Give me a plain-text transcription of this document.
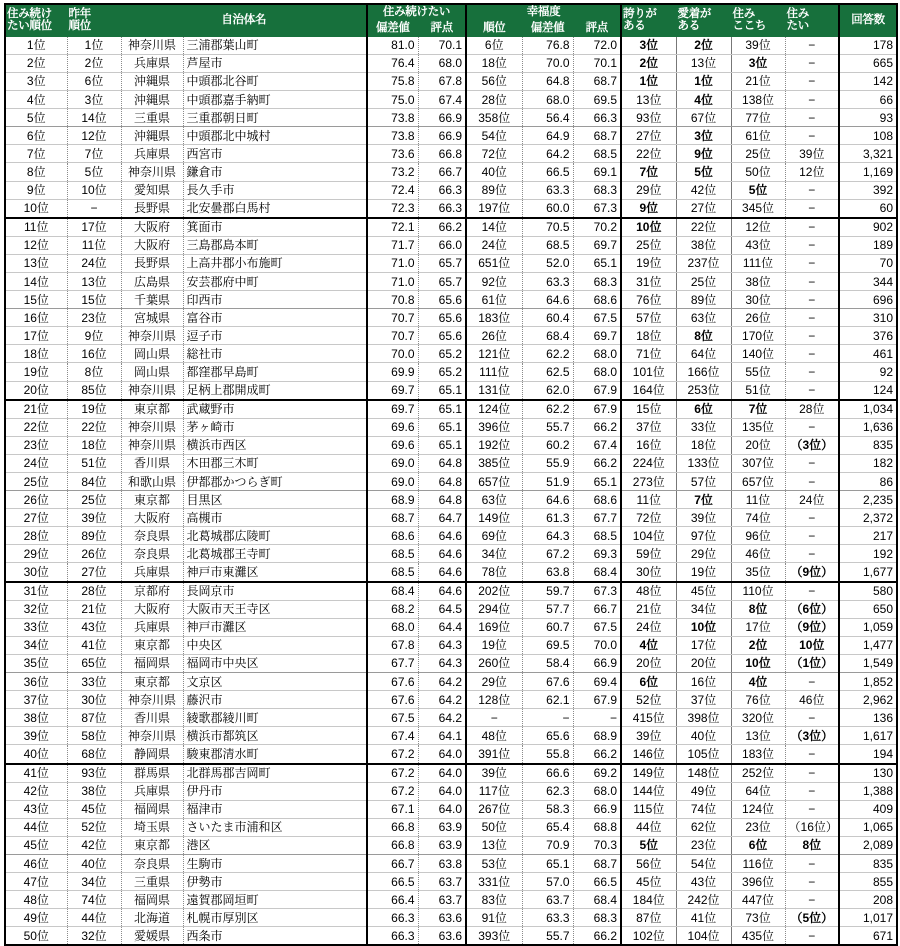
住み続け
たい順位	昨年
順位	自治体名		住み続けたい		幸福度			誇りが
ある	愛着が
ある	住み
ここち	住み
たい	回答数
				偏差値	評点	順位	偏差値	評点					
1位	1位	神奈川県	三浦郡葉山町	81.0	70.1	6位	76.8	72.0	3位	2位	39位	−	178
2位	2位	兵庫県	芦屋市	76.4	68.0	18位	70.0	70.1	2位	13位	3位	−	665
3位	6位	沖縄県	中頭郡北谷町	75.8	67.8	56位	64.8	68.7	1位	1位	21位	−	142
4位	3位	沖縄県	中頭郡嘉手納町	75.0	67.4	28位	68.0	69.5	13位	4位	138位	−	66
5位	14位	三重県	三重郡朝日町	73.8	66.9	358位	56.4	66.3	93位	67位	77位	−	93
6位	12位	沖縄県	中頭郡北中城村	73.8	66.9	54位	64.9	68.7	27位	3位	61位	−	108
7位	7位	兵庫県	西宮市	73.6	66.8	72位	64.2	68.5	22位	9位	25位	39位	3,321
8位	5位	神奈川県	鎌倉市	73.2	66.7	40位	66.5	69.1	7位	5位	50位	12位	1,169
9位	10位	愛知県	長久手市	72.4	66.3	89位	63.3	68.3	29位	42位	5位	−	392
10位	−	長野県	北安曇郡白馬村	72.3	66.3	197位	60.0	67.3	9位	27位	345位	−	60
11位	17位	大阪府	箕面市	72.1	66.2	14位	70.5	70.2	10位	22位	12位	−	902
12位	11位	大阪府	三島郡島本町	71.7	66.0	24位	68.5	69.7	25位	38位	43位	−	189
13位	24位	長野県	上高井郡小布施町	71.0	65.7	651位	52.0	65.1	19位	237位	111位	−	70
14位	13位	広島県	安芸郡府中町	71.0	65.7	92位	63.3	68.3	31位	25位	38位	−	344
15位	15位	千葉県	印西市	70.8	65.6	61位	64.6	68.6	76位	89位	30位	−	696
16位	23位	宮城県	富谷市	70.7	65.6	183位	60.4	67.5	57位	63位	26位	−	310
17位	9位	神奈川県	逗子市	70.7	65.6	26位	68.4	69.7	18位	8位	170位	−	376
18位	16位	岡山県	総社市	70.0	65.2	121位	62.2	68.0	71位	64位	140位	−	461
19位	8位	岡山県	都窪郡早島町	69.9	65.2	111位	62.5	68.0	101位	166位	55位	−	92
20位	85位	神奈川県	足柄上郡開成町	69.7	65.1	131位	62.0	67.9	164位	253位	51位	−	124
21位	19位	東京都	武蔵野市	69.7	65.1	124位	62.2	67.9	15位	6位	7位	28位	1,034
22位	22位	神奈川県	茅ヶ崎市	69.6	65.1	396位	55.7	66.2	37位	33位	135位	−	1,636
23位	18位	神奈川県	横浜市西区	69.6	65.1	192位	60.2	67.4	16位	18位	20位	（3位）	835
24位	51位	香川県	木田郡三木町	69.0	64.8	385位	55.9	66.2	224位	133位	307位	−	182
25位	84位	和歌山県	伊都郡かつらぎ町	69.0	64.8	657位	51.9	65.1	273位	57位	657位	−	86
26位	25位	東京都	目黒区	68.9	64.8	63位	64.6	68.6	11位	7位	11位	24位	2,235
27位	39位	大阪府	高槻市	68.7	64.7	149位	61.3	67.7	72位	39位	74位	−	2,372
28位	89位	奈良県	北葛城郡広陵町	68.6	64.6	69位	64.3	68.5	104位	97位	96位	−	217
29位	26位	奈良県	北葛城郡王寺町	68.5	64.6	34位	67.2	69.3	59位	29位	46位	−	192
30位	27位	兵庫県	神戸市東灘区	68.5	64.6	78位	63.8	68.4	30位	19位	35位	（9位）	1,677
31位	28位	京都府	長岡京市	68.4	64.6	202位	59.7	67.3	48位	45位	110位	−	580
32位	21位	大阪府	大阪市天王寺区	68.2	64.5	294位	57.7	66.7	21位	34位	8位	（6位）	650
33位	43位	兵庫県	神戸市灘区	68.0	64.4	169位	60.7	67.5	24位	10位	17位	（9位）	1,059
34位	41位	東京都	中央区	67.8	64.3	19位	69.5	70.0	4位	17位	2位	10位	1,477
35位	65位	福岡県	福岡市中央区	67.7	64.3	260位	58.4	66.9	20位	20位	10位	（1位）	1,549
36位	33位	東京都	文京区	67.6	64.2	29位	67.6	69.4	6位	16位	4位	−	1,852
37位	30位	神奈川県	藤沢市	67.6	64.2	128位	62.1	67.9	52位	37位	76位	46位	2,962
38位	87位	香川県	綾歌郡綾川町	67.5	64.2	−	−	−	415位	398位	320位	−	136
39位	58位	神奈川県	横浜市都筑区	67.4	64.1	48位	65.6	68.9	39位	40位	13位	（3位）	1,617
40位	68位	静岡県	駿東郡清水町	67.2	64.0	391位	55.8	66.2	146位	105位	183位	−	194
41位	93位	群馬県	北群馬郡吉岡町	67.2	64.0	39位	66.6	69.2	149位	148位	252位	−	130
42位	38位	兵庫県	伊丹市	67.2	64.0	117位	62.3	68.0	144位	49位	64位	−	1,388
43位	45位	福岡県	福津市	67.1	64.0	267位	58.3	66.9	115位	74位	124位	−	409
44位	52位	埼玉県	さいたま市浦和区	66.8	63.9	50位	65.4	68.8	44位	62位	23位	（16位）	1,065
45位	42位	東京都	港区	66.8	63.9	13位	70.9	70.3	5位	23位	6位	8位	2,089
46位	40位	奈良県	生駒市	66.7	63.8	53位	65.1	68.7	56位	54位	116位	−	835
47位	34位	三重県	伊勢市	66.5	63.7	331位	57.0	66.5	45位	43位	396位	−	855
48位	74位	福岡県	遠賀郡岡垣町	66.4	63.7	83位	63.7	68.4	184位	242位	447位	−	208
49位	44位	北海道	札幌市厚別区	66.3	63.6	91位	63.3	68.3	87位	41位	73位	（5位）	1,017
50位	32位	愛媛県	西条市	66.3	63.6	393位	55.7	66.2	102位	104位	435位	−	671
